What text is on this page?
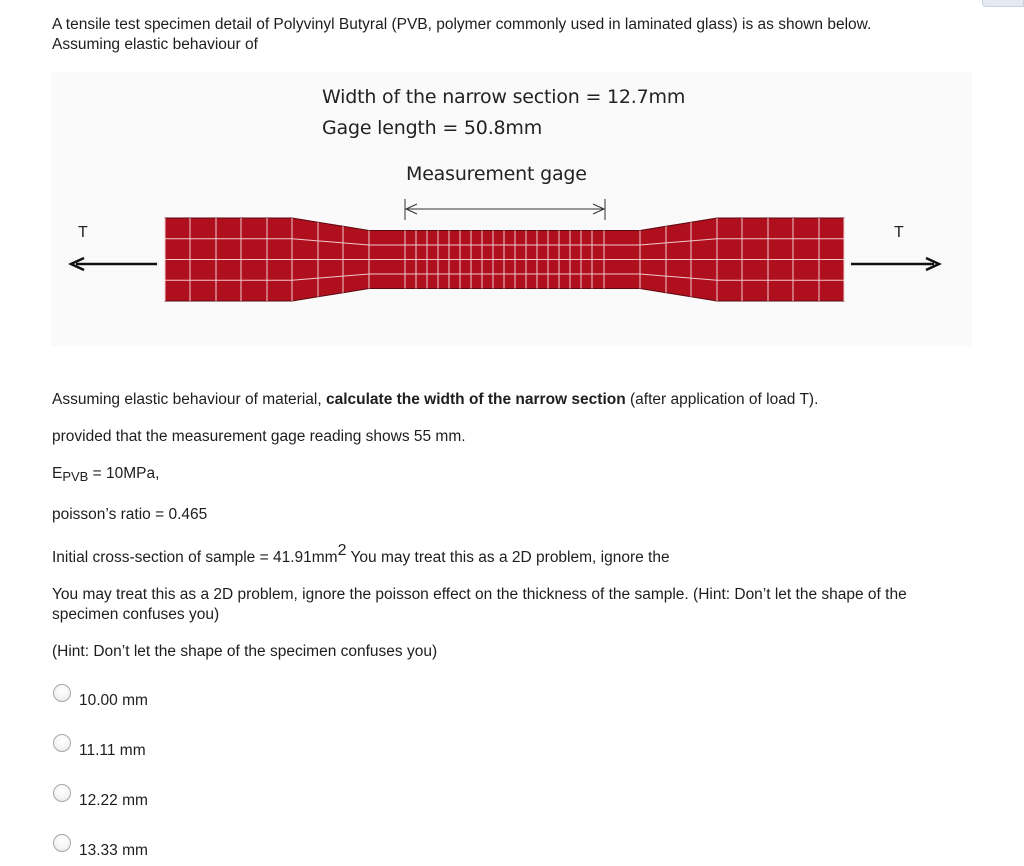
A tensile test specimen detail of Polyvinyl Butyral (PVB, polymer commonly used in laminated glass) is as shown below.
Assuming elastic behaviour of
Width of the narrow section = 12.7mm
Gage length = 50.8mm
Measurement gage
T	T
Assuming elastic behaviour of material, calculate the width of the narrow section (after application of load T).
provided that the measurement gage reading shows 55 mm.
EPVB = 10MPa,
poisson’s ratio = 0.465
Initial cross-section of sample = 41.91mm2 You may treat this as a 2D problem, ignore the
You may treat this as a 2D problem, ignore the poisson effect on the thickness of the sample. (Hint: Don’t let the shape of the specimen confuses you)
(Hint: Don’t let the shape of the specimen confuses you)
10.00 mm
11.11 mm
12.22 mm
13.33 mm
